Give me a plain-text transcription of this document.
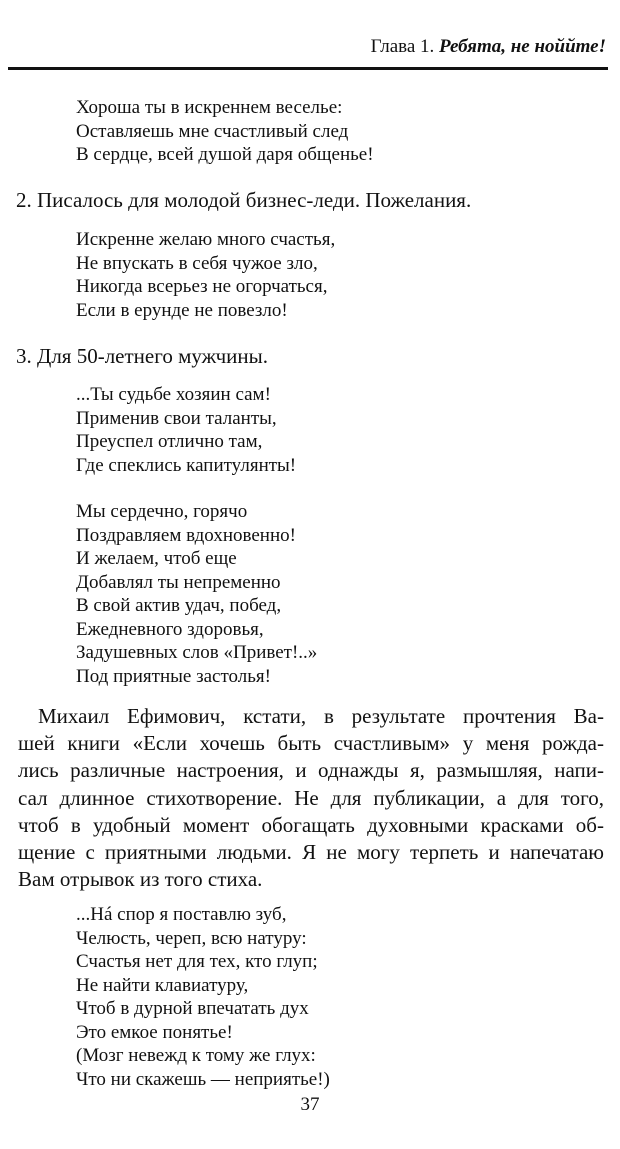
Глава 1. Ребята, не ноййте!
Хороша ты в искреннем веселье:
Оставляешь мне счастливый след
В сердце, всей душой даря общенье!
2. Писалось для молодой бизнес-леди. Пожелания.
Искренне желаю много счастья,
Не впускать в себя чужое зло,
Никогда всерьез не огорчаться,
Если в ерунде не повезло!
3. Для 50-летнего мужчины.
...Ты судьбе хозяин сам!
Применив свои таланты,
Преуспел отлично там,
Где спеклись капитулянты!
Мы сердечно, горячо
Поздравляем вдохновенно!
И желаем, чтоб еще
Добавлял ты непременно
В свой актив удач, побед,
Ежедневного здоровья,
Задушевных слов «Привет!..»
Под приятные застолья!
Михаил Ефимович, кстати, в результате прочтения Ва-
шей книги «Если хочешь быть счастливым» у меня рожда-
лись различные настроения, и однажды я, размышляя, напи-
сал длинное стихотворение. Не для публикации, а для того,
чтоб в удобный момент обогащать духовными красками об-
щение с приятными людьми. Я не могу терпеть и напечатаю
Вам отрывок из того стиха.
...Нá спор я поставлю зуб,
Челюсть, череп, всю натуру:
Счастья нет для тех, кто глуп;
Не найти клавиатуру,
Чтоб в дурной впечатать дух
Это емкое понятье!
(Мозг невежд к тому же глух:
Что ни скажешь — неприятье!)
37
